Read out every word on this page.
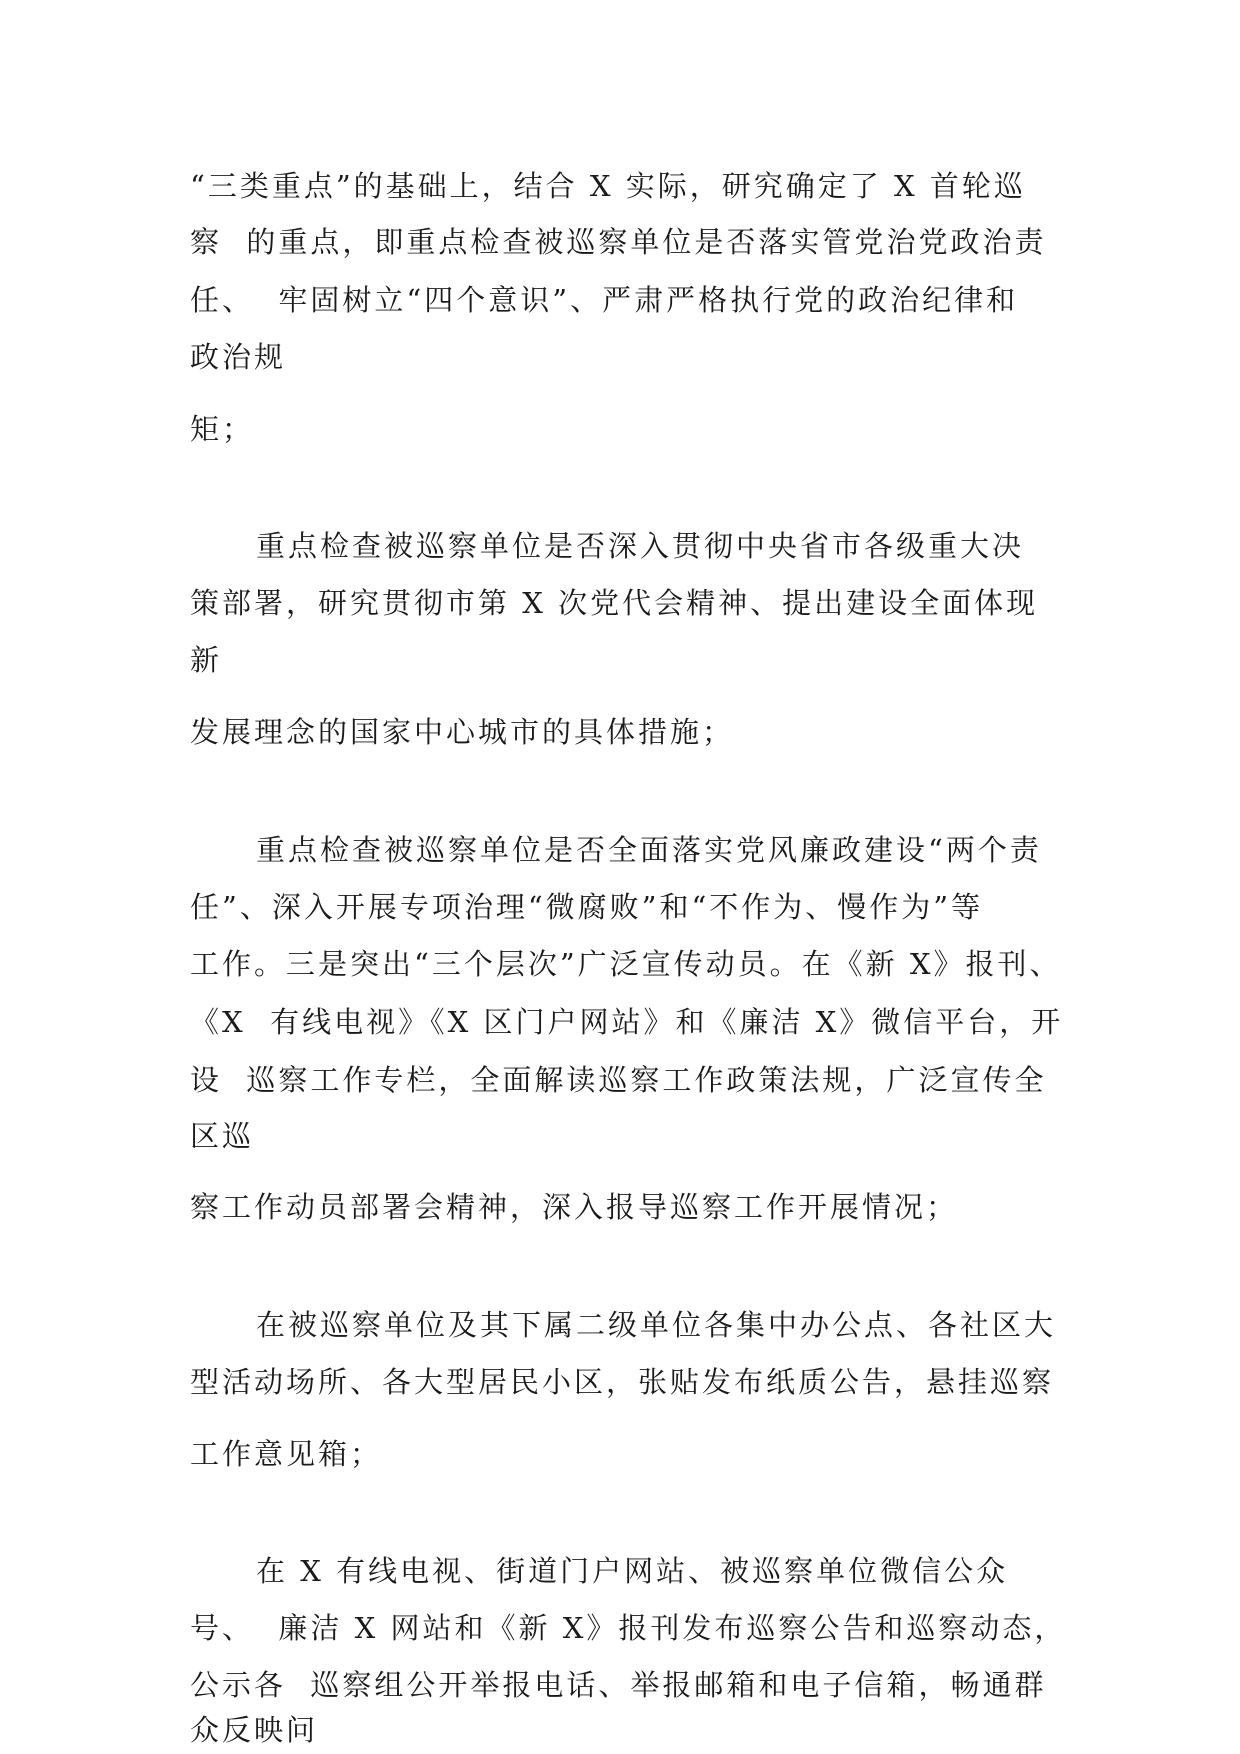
“三类重点”的基础上，结合 X 实际，研究确定了 X 首轮巡

察  的重点，即重点检查被巡察单位是否落实管党治党政治责

任、  牢固树立“四个意识”、严肃严格执行党的政治纪律和

政治规

矩；

重点检查被巡察单位是否深入贯彻中央省市各级重大决

策部署，研究贯彻市第 X 次党代会精神、提出建设全面体现

新

发展理念的国家中心城市的具体措施；

重点检查被巡察单位是否全面落实党风廉政建设“两个责

任”、深入开展专项治理“微腐败”和“不作为、慢作为”等

工作。三是突出“三个层次”广泛宣传动员。在《新 X》报刊、

《X  有线电视》《X 区门户网站》和《廉洁 X》微信平台，开

设  巡察工作专栏，全面解读巡察工作政策法规，广泛宣传全

区巡

察工作动员部署会精神，深入报导巡察工作开展情况；

在被巡察单位及其下属二级单位各集中办公点、各社区大

型活动场所、各大型居民小区，张贴发布纸质公告，悬挂巡察

工作意见箱；

在 X 有线电视、街道门户网站、被巡察单位微信公众

号、  廉洁 X 网站和《新 X》报刊发布巡察公告和巡察动态，

公示各  巡察组公开举报电话、举报邮箱和电子信箱，畅通群

众反映问
